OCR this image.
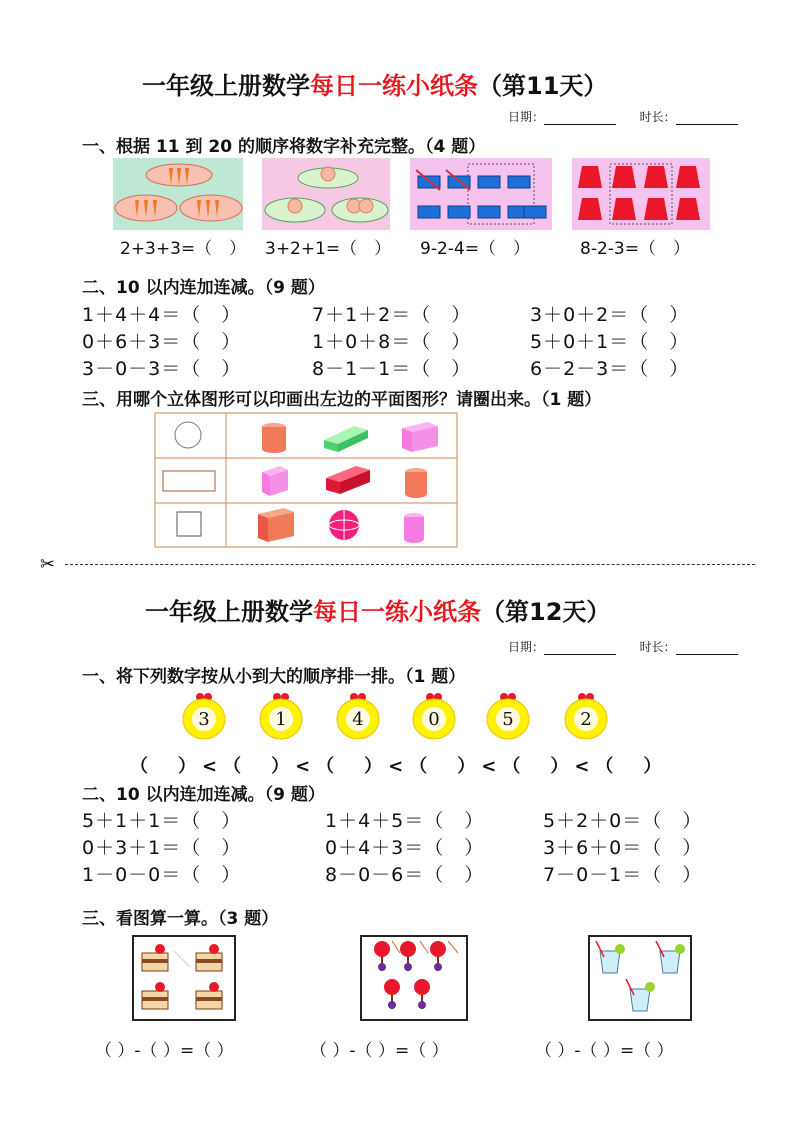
一年级上册数学每日一练小纸条（第11天）
日期：	时长：
一、根据 11 到 20 的顺序将数字补充完整。（4 题）
2+3+3=（　） 3+2+1=（　） 9-2-4=（　）	8-2-3=（　）
二、10 以内连加连减。（9 题）
1＋4＋4＝（　）	7＋1＋2＝（　）	3＋0＋2＝（　）
0＋6＋3＝（　）	1＋0＋8＝（　）	5＋0＋1＝（　）
3－0－3＝（　）	8－1－1＝（　）	6－2－3＝（　）
三、用哪个立体图形可以印画出左边的平面图形？请圈出来。（1 题）
✂
一年级上册数学每日一练小纸条（第12天）
日期：	时长：
一、将下列数字按从小到大的顺序排一排。（1 题）
3	1	4	0	5	2
（　）<（　）<（　）<（　）<（　）<（　）
二、10 以内连加连减。（9 题）
5＋1＋1＝（　）	1＋4＋5＝（　）	5＋2＋0＝（　）
0＋3＋1＝（　）	0＋4＋3＝（　）	3＋6＋0＝（　）
1－0－0＝（　）	8－0－6＝（　）	7－0－1＝（　）
三、看图算一算。（3 题）
（ ）-（ ）=（ ）	（ ）-（ ）=（ ）	（ ）-（ ）=（ ）
